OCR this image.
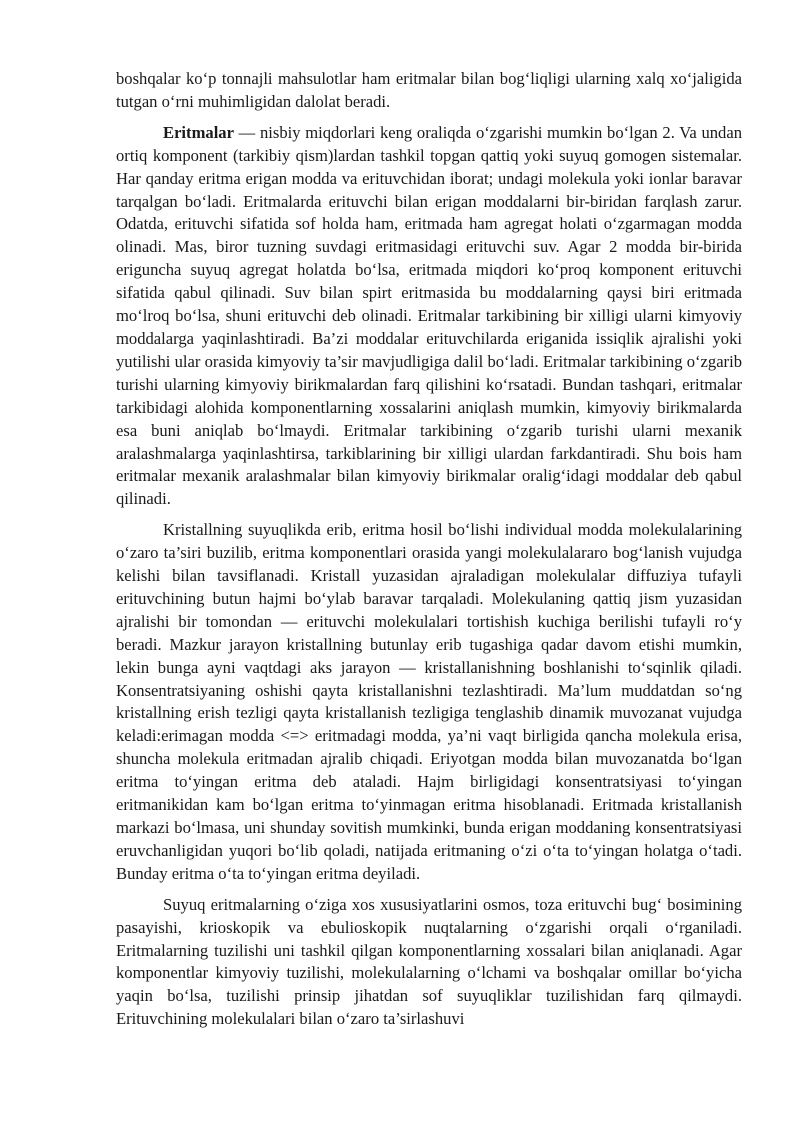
boshqalar ko‘p tonnajli mahsulotlar ham eritmalar bilan bog‘liqligi ularning xalq xo‘jaligida tutgan o‘rni muhimligidan dalolat beradi.

Eritmalar — nisbiy miqdorlari keng oraliqda o‘zgarishi mumkin bo‘lgan 2. Va undan ortiq komponent (tarkibiy qism)lardan tashkil topgan qattiq yoki suyuq gomogen sistemalar. Har qanday eritma erigan modda va erituvchidan iborat; undagi molekula yoki ionlar baravar tarqalgan bo‘ladi. Eritmalarda erituvchi bilan erigan moddalarni bir-biridan farqlash zarur. Odatda, erituvchi sifatida sof holda ham, eritmada ham agregat holati o‘zgarmagan modda olinadi. Mas, biror tuzning suvdagi eritmasidagi erituvchi suv. Agar 2 modda bir-birida eriguncha suyuq agregat holatda bo‘lsa, eritmada miqdori ko‘proq komponent erituvchi sifatida qabul qilinadi. Suv bilan spirt eritmasida bu moddalarning qaysi biri eritmada mo‘lroq bo‘lsa, shuni erituvchi deb olinadi. Eritmalar tarkibining bir xilligi ularni kimyoviy moddalarga yaqinlashtiradi. Ba’zi moddalar erituvchilarda eriganida issiqlik ajralishi yoki yutilishi ular orasida kimyoviy ta’sir mavjudligiga dalil bo‘ladi. Eritmalar tarkibining o‘zgarib turishi ularning kimyoviy birikmalardan farq qilishini ko‘rsatadi. Bundan tashqari, eritmalar tarkibidagi alohida komponentlarning xossalarini aniqlash mumkin, kimyoviy birikmalarda esa buni aniqlab bo‘lmaydi. Eritmalar tarkibining o‘zgarib turishi ularni mexanik aralashmalarga yaqinlashtirsa, tarkiblarining bir xilligi ulardan farkdantiradi. Shu bois ham eritmalar mexanik aralashmalar bilan kimyoviy birikmalar oralig‘idagi moddalar deb qabul qilinadi.

Kristallning suyuqlikda erib, eritma hosil bo‘lishi individual modda molekulalarining o‘zaro ta’siri buzilib, eritma komponentlari orasida yangi molekulalararo bog‘lanish vujudga kelishi bilan tavsiflanadi. Kristall yuzasidan ajraladigan molekulalar diffuziya tufayli erituvchining butun hajmi bo‘ylab baravar tarqaladi. Molekulaning qattiq jism yuzasidan ajralishi bir tomondan — erituvchi molekulalari tortishish kuchiga berilishi tufayli ro‘y beradi. Mazkur jarayon kristallning butunlay erib tugashiga qadar davom etishi mumkin, lekin bunga ayni vaqtdagi aks jarayon — kristallanishning boshlanishi to‘sqinlik qiladi. Konsentratsiyaning oshishi qayta kristallanishni tezlashtiradi. Ma’lum muddatdan so‘ng kristallning erish tezligi qayta kristallanish tezligiga tenglashib dinamik muvozanat vujudga keladi:erimagan modda <=> eritmadagi modda, ya’ni vaqt birligida qancha molekula erisa, shuncha molekula eritmadan ajralib chiqadi. Eriyotgan modda bilan muvozanatda bo‘lgan eritma to‘yingan eritma deb ataladi. Hajm birligidagi konsentratsiyasi to‘yingan eritmanikidan kam bo‘lgan eritma to‘yinmagan eritma hisoblanadi. Eritmada kristallanish markazi bo‘lmasa, uni shunday sovitish mumkinki, bunda erigan moddaning konsentratsiyasi eruvchanligidan yuqori bo‘lib qoladi, natijada eritmaning o‘zi o‘ta to‘yingan holatga o‘tadi. Bunday eritma o‘ta to‘yingan eritma deyiladi.

Suyuq eritmalarning o‘ziga xos xususiyatlarini osmos, toza erituvchi bug‘ bosimining pasayishi, krioskopik va ebulioskopik nuqtalarning o‘zgarishi orqali o‘rganiladi. Eritmalarning tuzilishi uni tashkil qilgan komponentlarning xossalari bilan aniqlanadi. Agar komponentlar kimyoviy tuzilishi, molekulalarning o‘lchami va boshqalar omillar bo‘yicha yaqin bo‘lsa, tuzilishi prinsip jihatdan sof suyuqliklar tuzilishidan farq qilmaydi. Erituvchining molekulalari bilan o‘zaro ta’sirlashuvi
